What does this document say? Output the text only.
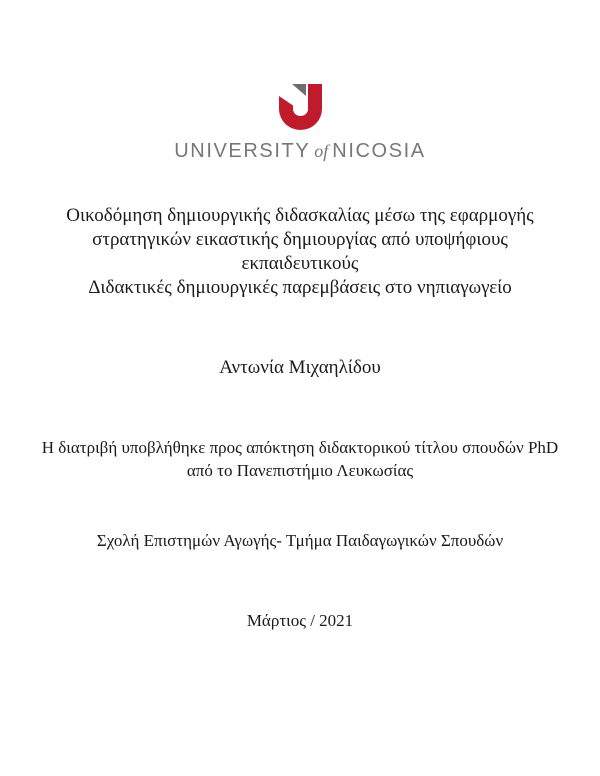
UNIVERSITY of NICOSIA
Οικοδόμηση δημιουργικής διδασκαλίας μέσω της εφαρμογής
στρατηγικών εικαστικής δημιουργίας από υποψήφιους
εκπαιδευτικούς
Διδακτικές δημιουργικές παρεμβάσεις στο νηπιαγωγείο
Αντωνία Μιχαηλίδου
Η διατριβή υποβλήθηκε προς απόκτηση διδακτορικού τίτλου σπουδών PhD
από το Πανεπιστήμιο Λευκωσίας
Σχολή Επιστημών Αγωγής- Τμήμα Παιδαγωγικών Σπουδών
Μάρτιος / 2021
